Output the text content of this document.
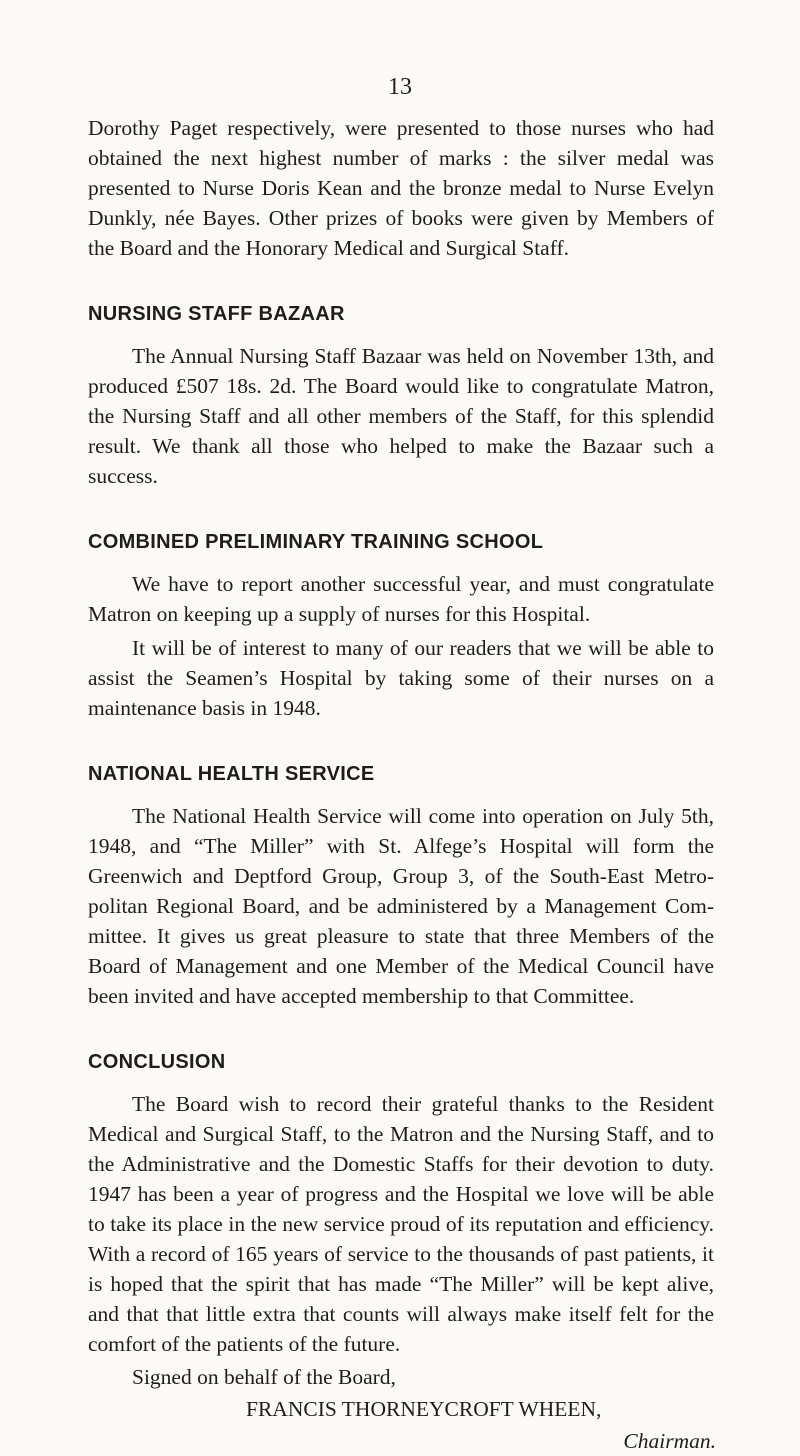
13

Dorothy Paget respectively, were presented to those nurses who had obtained the next highest number of marks : the silver medal was presented to Nurse Doris Kean and the bronze medal to Nurse Evelyn Dunkly, née Bayes. Other prizes of books were given by Members of the Board and the Honorary Medical and Surgical Staff.

NURSING STAFF BAZAAR

The Annual Nursing Staff Bazaar was held on November 13th, and produced £507 18s. 2d. The Board would like to congratulate Matron, the Nursing Staff and all other members of the Staff, for this splendid result. We thank all those who helped to make the Bazaar such a success.

COMBINED PRELIMINARY TRAINING SCHOOL

We have to report another successful year, and must congratulate Matron on keeping up a supply of nurses for this Hospital.

It will be of interest to many of our readers that we will be able to assist the Seamen’s Hospital by taking some of their nurses on a maintenance basis in 1948.

NATIONAL HEALTH SERVICE

The National Health Service will come into operation on July 5th, 1948, and “The Miller” with St. Alfege’s Hospital will form the Greenwich and Deptford Group, Group 3, of the South-East Metro-politan Regional Board, and be administered by a Management Com-mittee. It gives us great pleasure to state that three Members of the Board of Management and one Member of the Medical Council have been invited and have accepted membership to that Committee.

CONCLUSION

The Board wish to record their grateful thanks to the Resident Medical and Surgical Staff, to the Matron and the Nursing Staff, and to the Administrative and the Domestic Staffs for their devotion to duty. 1947 has been a year of progress and the Hospital we love will be able to take its place in the new service proud of its reputation and efficiency. With a record of 165 years of service to the thousands of past patients, it is hoped that the spirit that has made “The Miller” will be kept alive, and that that little extra that counts will always make itself felt for the comfort of the patients of the future.

Signed on behalf of the Board,

FRANCIS THORNEYCROFT WHEEN,
Chairman.
